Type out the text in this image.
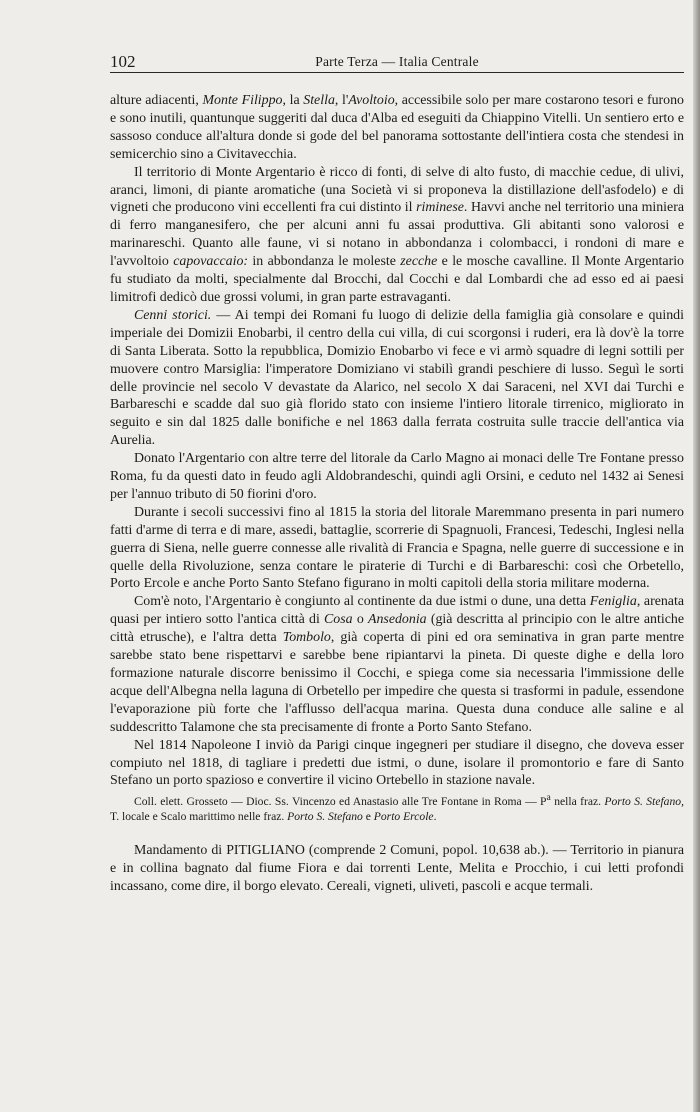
102	Parte Terza — Italia Centrale

alture adiacenti, Monte Filippo, la Stella, l'Avoltoio, accessibile solo per mare costarono tesori e furono e sono inutili, quantunque suggeriti dal duca d'Alba ed eseguiti da Chiappino Vitelli. Un sentiero erto e sassoso conduce all'altura donde si gode del bel panorama sottostante dell'intiera costa che stendesi in semicerchio sino a Civitavecchia.

Il territorio di Monte Argentario è ricco di fonti, di selve di alto fusto, di macchie cedue, di ulivi, aranci, limoni, di piante aromatiche (una Società vi si proponeva la distillazione dell'asfodelo) e di vigneti che producono vini eccellenti fra cui distinto il riminese. Havvi anche nel territorio una miniera di ferro manganesifero, che per alcuni anni fu assai produttiva. Gli abitanti sono valorosi e marinareschi. Quanto alle faune, vi si notano in abbondanza i colombacci, i rondoni di mare e l'avvoltoio capovaccaio: in abbondanza le moleste zecche e le mosche cavalline. Il Monte Argentario fu studiato da molti, specialmente dal Brocchi, dal Cocchi e dal Lombardi che ad esso ed ai paesi limitrofi dedicò due grossi volumi, in gran parte estravaganti.

Cenni storici. — Ai tempi dei Romani fu luogo di delizie della famiglia già consolare e quindi imperiale dei Domizii Enobarbi, il centro della cui villa, di cui scorgonsi i ruderi, era là dov'è la torre di Santa Liberata. Sotto la repubblica, Domizio Enobarbo vi fece e vi armò squadre di legni sottili per muovere contro Marsiglia: l'imperatore Domiziano vi stabilì grandi peschiere di lusso. Seguì le sorti delle provincie nel secolo V devastate da Alarico, nel secolo X dai Saraceni, nel XVI dai Turchi e Barbareschi e scadde dal suo già florido stato con insieme l'intiero litorale tirrenico, migliorato in seguito e sin dal 1825 dalle bonifiche e nel 1863 dalla ferrata costruita sulle traccie dell'antica via Aurelia.

Donato l'Argentario con altre terre del litorale da Carlo Magno ai monaci delle Tre Fontane presso Roma, fu da questi dato in feudo agli Aldobrandeschi, quindi agli Orsini, e ceduto nel 1432 ai Senesi per l'annuo tributo di 50 fiorini d'oro.

Durante i secoli successivi fino al 1815 la storia del litorale Maremmano presenta in pari numero fatti d'arme di terra e di mare, assedi, battaglie, scorrerie di Spagnuoli, Francesi, Tedeschi, Inglesi nella guerra di Siena, nelle guerre connesse alle rivalità di Francia e Spagna, nelle guerre di successione e in quelle della Rivoluzione, senza contare le piraterie di Turchi e di Barbareschi: così che Orbetello, Porto Ercole e anche Porto Santo Stefano figurano in molti capitoli della storia militare moderna.

Com'è noto, l'Argentario è congiunto al continente da due istmi o dune, una detta Feniglia, arenata quasi per intiero sotto l'antica città di Cosa o Ansedonia (già descritta al principio con le altre antiche città etrusche), e l'altra detta Tombolo, già coperta di pini ed ora seminativa in gran parte mentre sarebbe stato bene rispettarvi e sarebbe bene ripiantarvi la pineta. Di queste dighe e della loro formazione naturale discorre benissimo il Cocchi, e spiega come sia necessaria l'immissione delle acque dell'Albegna nella laguna di Orbetello per impedire che questa si trasformi in padule, essendone l'evaporazione più forte che l'afflusso dell'acqua marina. Questa duna conduce alle saline e al suddescritto Talamone che sta precisamente di fronte a Porto Santo Stefano.

Nel 1814 Napoleone I inviò da Parigi cinque ingegneri per studiare il disegno, che doveva esser compiuto nel 1818, di tagliare i predetti due istmi, o dune, isolare il promontorio e fare di Santo Stefano un porto spazioso e convertire il vicino Ortebello in stazione navale.

Coll. elett. Grosseto — Dioc. Ss. Vincenzo ed Anastasio alle Tre Fontane in Roma — $P^a$ nella fraz. Porto S. Stefano, T. locale e Scalo marittimo nelle fraz. Porto S. Stefano e Porto Ercole.

Mandamento di PITIGLIANO (comprende 2 Comuni, popol. 10,638 ab.). — Territorio in pianura e in collina bagnato dal fiume Fiora e dai torrenti Lente, Melita e Procchio, i cui letti profondi incassano, come dire, il borgo elevato. Cereali, vigneti, uliveti, pascoli e acque termali.
